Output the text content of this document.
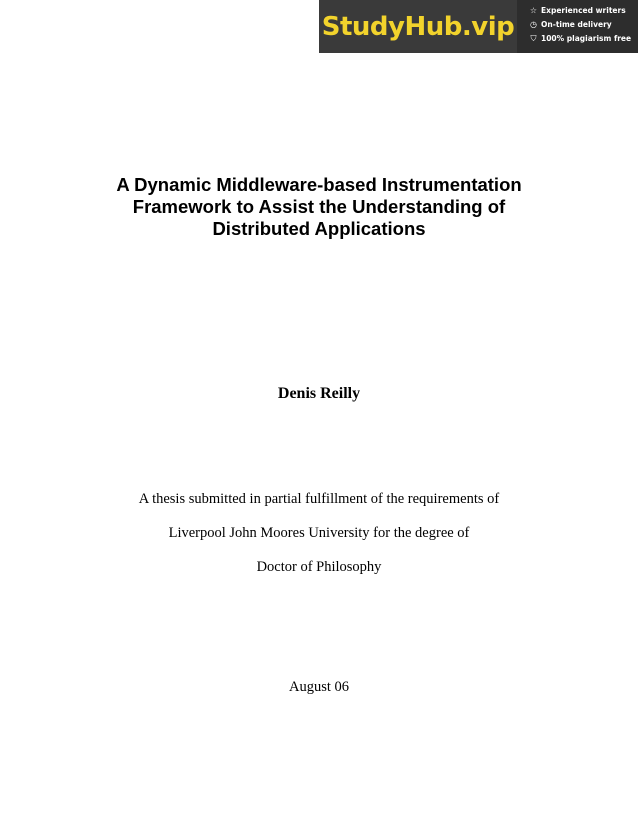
StudyHub.vip
☆ Experienced writers
◷ On-time delivery
⛉ 100% plagiarism free
A Dynamic Middleware-based Instrumentation
Framework to Assist the Understanding of
Distributed Applications
Denis Reilly
A thesis submitted in partial fulfillment of the requirements of
Liverpool John Moores University for the degree of
Doctor of Philosophy
August 06
